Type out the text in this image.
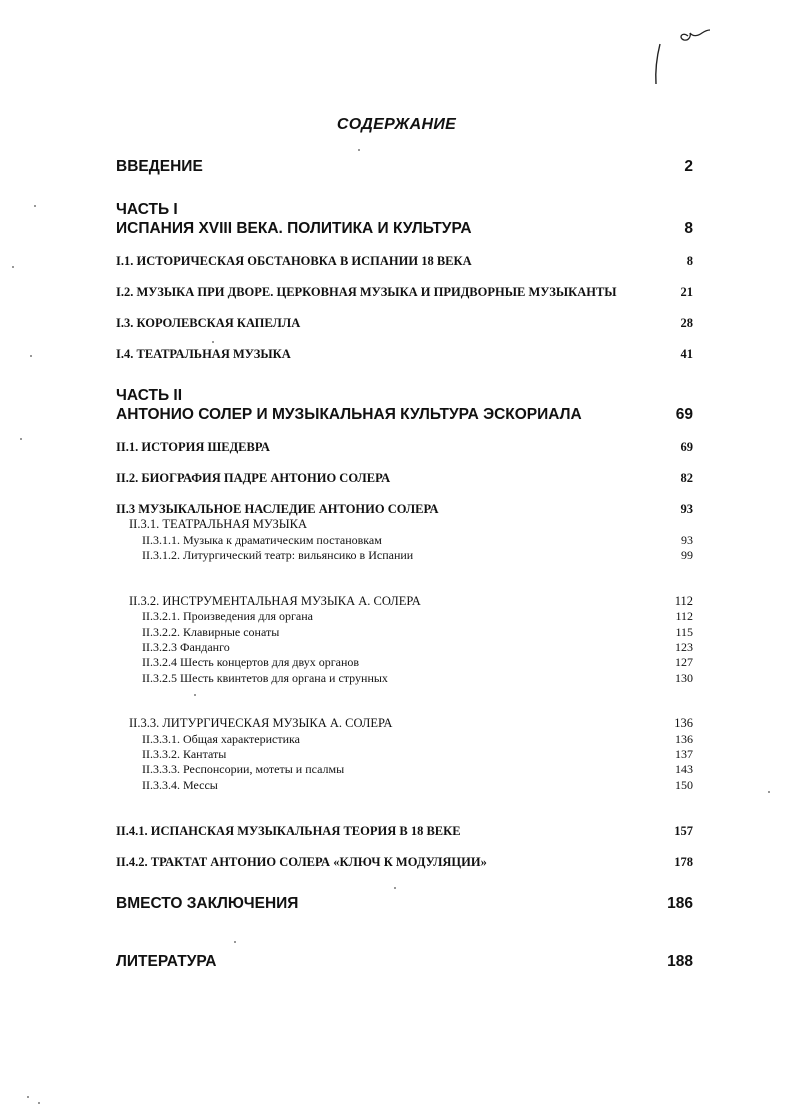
СОДЕРЖАНИЕ
ВВЕДЕНИЕ	2
ЧАСТЬ I
ИСПАНИЯ XVIII ВЕКА. ПОЛИТИКА И КУЛЬТУРА	8
I.1. ИСТОРИЧЕСКАЯ ОБСТАНОВКА В ИСПАНИИ 18 ВЕКА	8
I.2. МУЗЫКА ПРИ ДВОРЕ. ЦЕРКОВНАЯ МУЗЫКА И ПРИДВОРНЫЕ МУЗЫКАНТЫ	21
I.3. КОРОЛЕВСКАЯ КАПЕЛЛА	28
I.4. ТЕАТРАЛЬНАЯ МУЗЫКА	41
ЧАСТЬ II
АНТОНИО СОЛЕР И МУЗЫКАЛЬНАЯ КУЛЬТУРА ЭСКОРИАЛА	69
II.1. ИСТОРИЯ ШЕДЕВРА	69
II.2. БИОГРАФИЯ ПАДРЕ АНТОНИО СОЛЕРА	82
II.3 МУЗЫКАЛЬНОЕ НАСЛЕДИЕ АНТОНИО СОЛЕРА	93
II.3.1. ТЕАТРАЛЬНАЯ МУЗЫКА
II.3.1.1. Музыка к драматическим постановкам	93
II.3.1.2. Литургический театр: вильянсико в Испании	99
II.3.2. ИНСТРУМЕНТАЛЬНАЯ МУЗЫКА А. СОЛЕРА	112
II.3.2.1. Произведения для органа	112
II.3.2.2. Клавирные сонаты	115
II.3.2.3 Фанданго	123
II.3.2.4 Шесть концертов для двух органов	127
II.3.2.5 Шесть квинтетов для органа и струнных	130
II.3.3. ЛИТУРГИЧЕСКАЯ МУЗЫКА А. СОЛЕРА	136
II.3.3.1. Общая характеристика	136
II.3.3.2. Кантаты	137
II.3.3.3. Респонсории, мотеты и псалмы	143
II.3.3.4. Мессы	150
II.4.1. ИСПАНСКАЯ МУЗЫКАЛЬНАЯ ТЕОРИЯ В 18 ВЕКЕ	157
II.4.2. ТРАКТАТ АНТОНИО СОЛЕРА «КЛЮЧ К МОДУЛЯЦИИ»	178
ВМЕСТО ЗАКЛЮЧЕНИЯ	186
ЛИТЕРАТУРА	188
